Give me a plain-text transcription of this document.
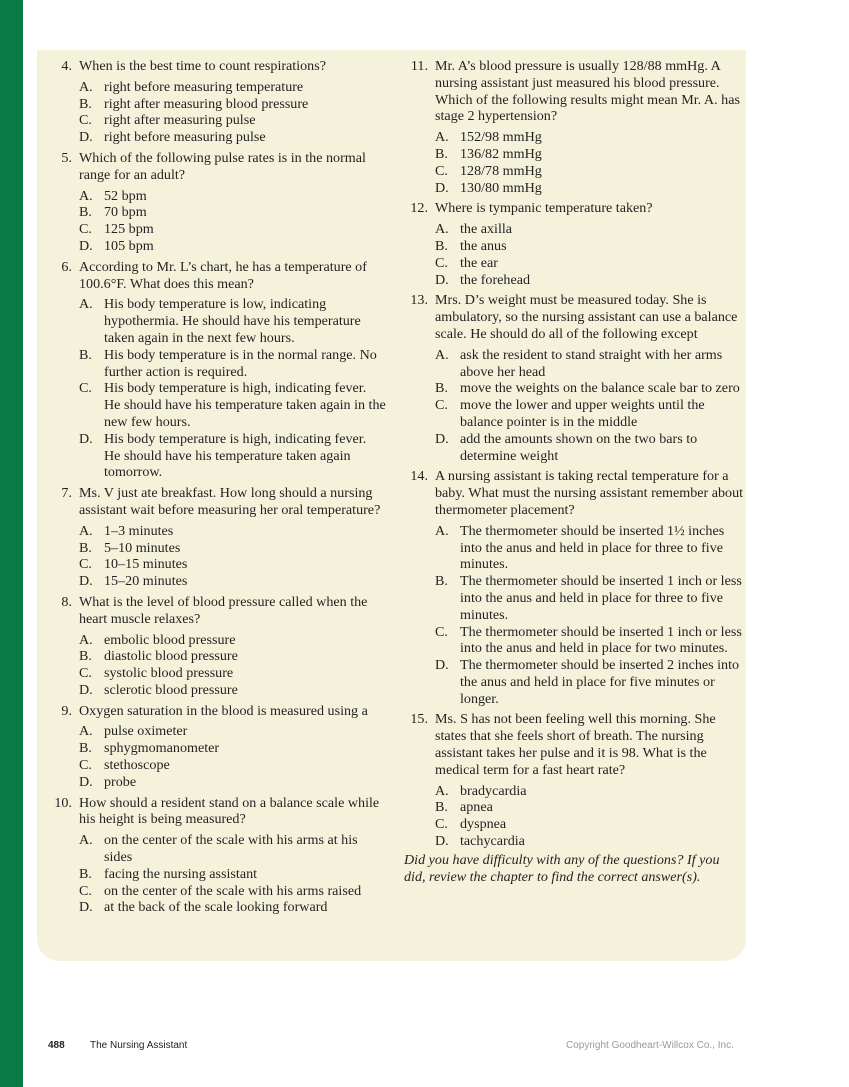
4. When is the best time to count respirations?

A. right before measuring temperature
B. right after measuring blood pressure
C. right after measuring pulse
D. right before measuring pulse
5. Which of the following pulse rates is in the normal range for an adult?

A. 52 bpm
B. 70 bpm
C. 125 bpm
D. 105 bpm
6. According to Mr. L’s chart, he has a temperature of 100.6°F. What does this mean?

A. His body temperature is low, indicating hypothermia. He should have his temperature taken again in the next few hours.
B. His body temperature is in the normal range. No further action is required.
C. His body temperature is high, indicating fever. He should have his temperature taken again in the new few hours.
D. His body temperature is high, indicating fever. He should have his temperature taken again tomorrow.
7. Ms. V just ate breakfast. How long should a nursing assistant wait before measuring her oral temperature?

A. 1–3 minutes
B. 5–10 minutes
C. 10–15 minutes
D. 15–20 minutes
8. What is the level of blood pressure called when the heart muscle relaxes?

A. embolic blood pressure
B. diastolic blood pressure
C. systolic blood pressure
D. sclerotic blood pressure
9. Oxygen saturation in the blood is measured using a

A. pulse oximeter
B. sphygmomanometer
C. stethoscope
D. probe
10. How should a resident stand on a balance scale while his height is being measured?

A. on the center of the scale with his arms at his sides
B. facing the nursing assistant
C. on the center of the scale with his arms raised
D. at the back of the scale looking forward
11. Mr. A’s blood pressure is usually 128/88 mmHg. A nursing assistant just measured his blood pressure. Which of the following results might mean Mr. A. has stage 2 hypertension?

A. 152/98 mmHg
B. 136/82 mmHg
C. 128/78 mmHg
D. 130/80 mmHg
12. Where is tympanic temperature taken?

A. the axilla
B. the anus
C. the ear
D. the forehead
13. Mrs. D’s weight must be measured today. She is ambulatory, so the nursing assistant can use a balance scale. He should do all of the following except

A. ask the resident to stand straight with her arms above her head
B. move the weights on the balance scale bar to zero
C. move the lower and upper weights until the balance pointer is in the middle
D. add the amounts shown on the two bars to determine weight
14. A nursing assistant is taking rectal temperature for a baby. What must the nursing assistant remember about thermometer placement?

A. The thermometer should be inserted 1½ inches into the anus and held in place for three to five minutes.
B. The thermometer should be inserted 1 inch or less into the anus and held in place for three to five minutes.
C. The thermometer should be inserted 1 inch or less into the anus and held in place for two minutes.
D. The thermometer should be inserted 2 inches into the anus and held in place for five minutes or longer.
15. Ms. S has not been feeling well this morning. She states that she feels short of breath. The nursing assistant takes her pulse and it is 98. What is the medical term for a fast heart rate?

A. bradycardia
B. apnea
C. dyspnea
D. tachycardia

Did you have difficulty with any of the questions? If you did, review the chapter to find the correct answer(s).

488	The Nursing Assistant	Copyright Goodheart-Willcox Co., Inc.
